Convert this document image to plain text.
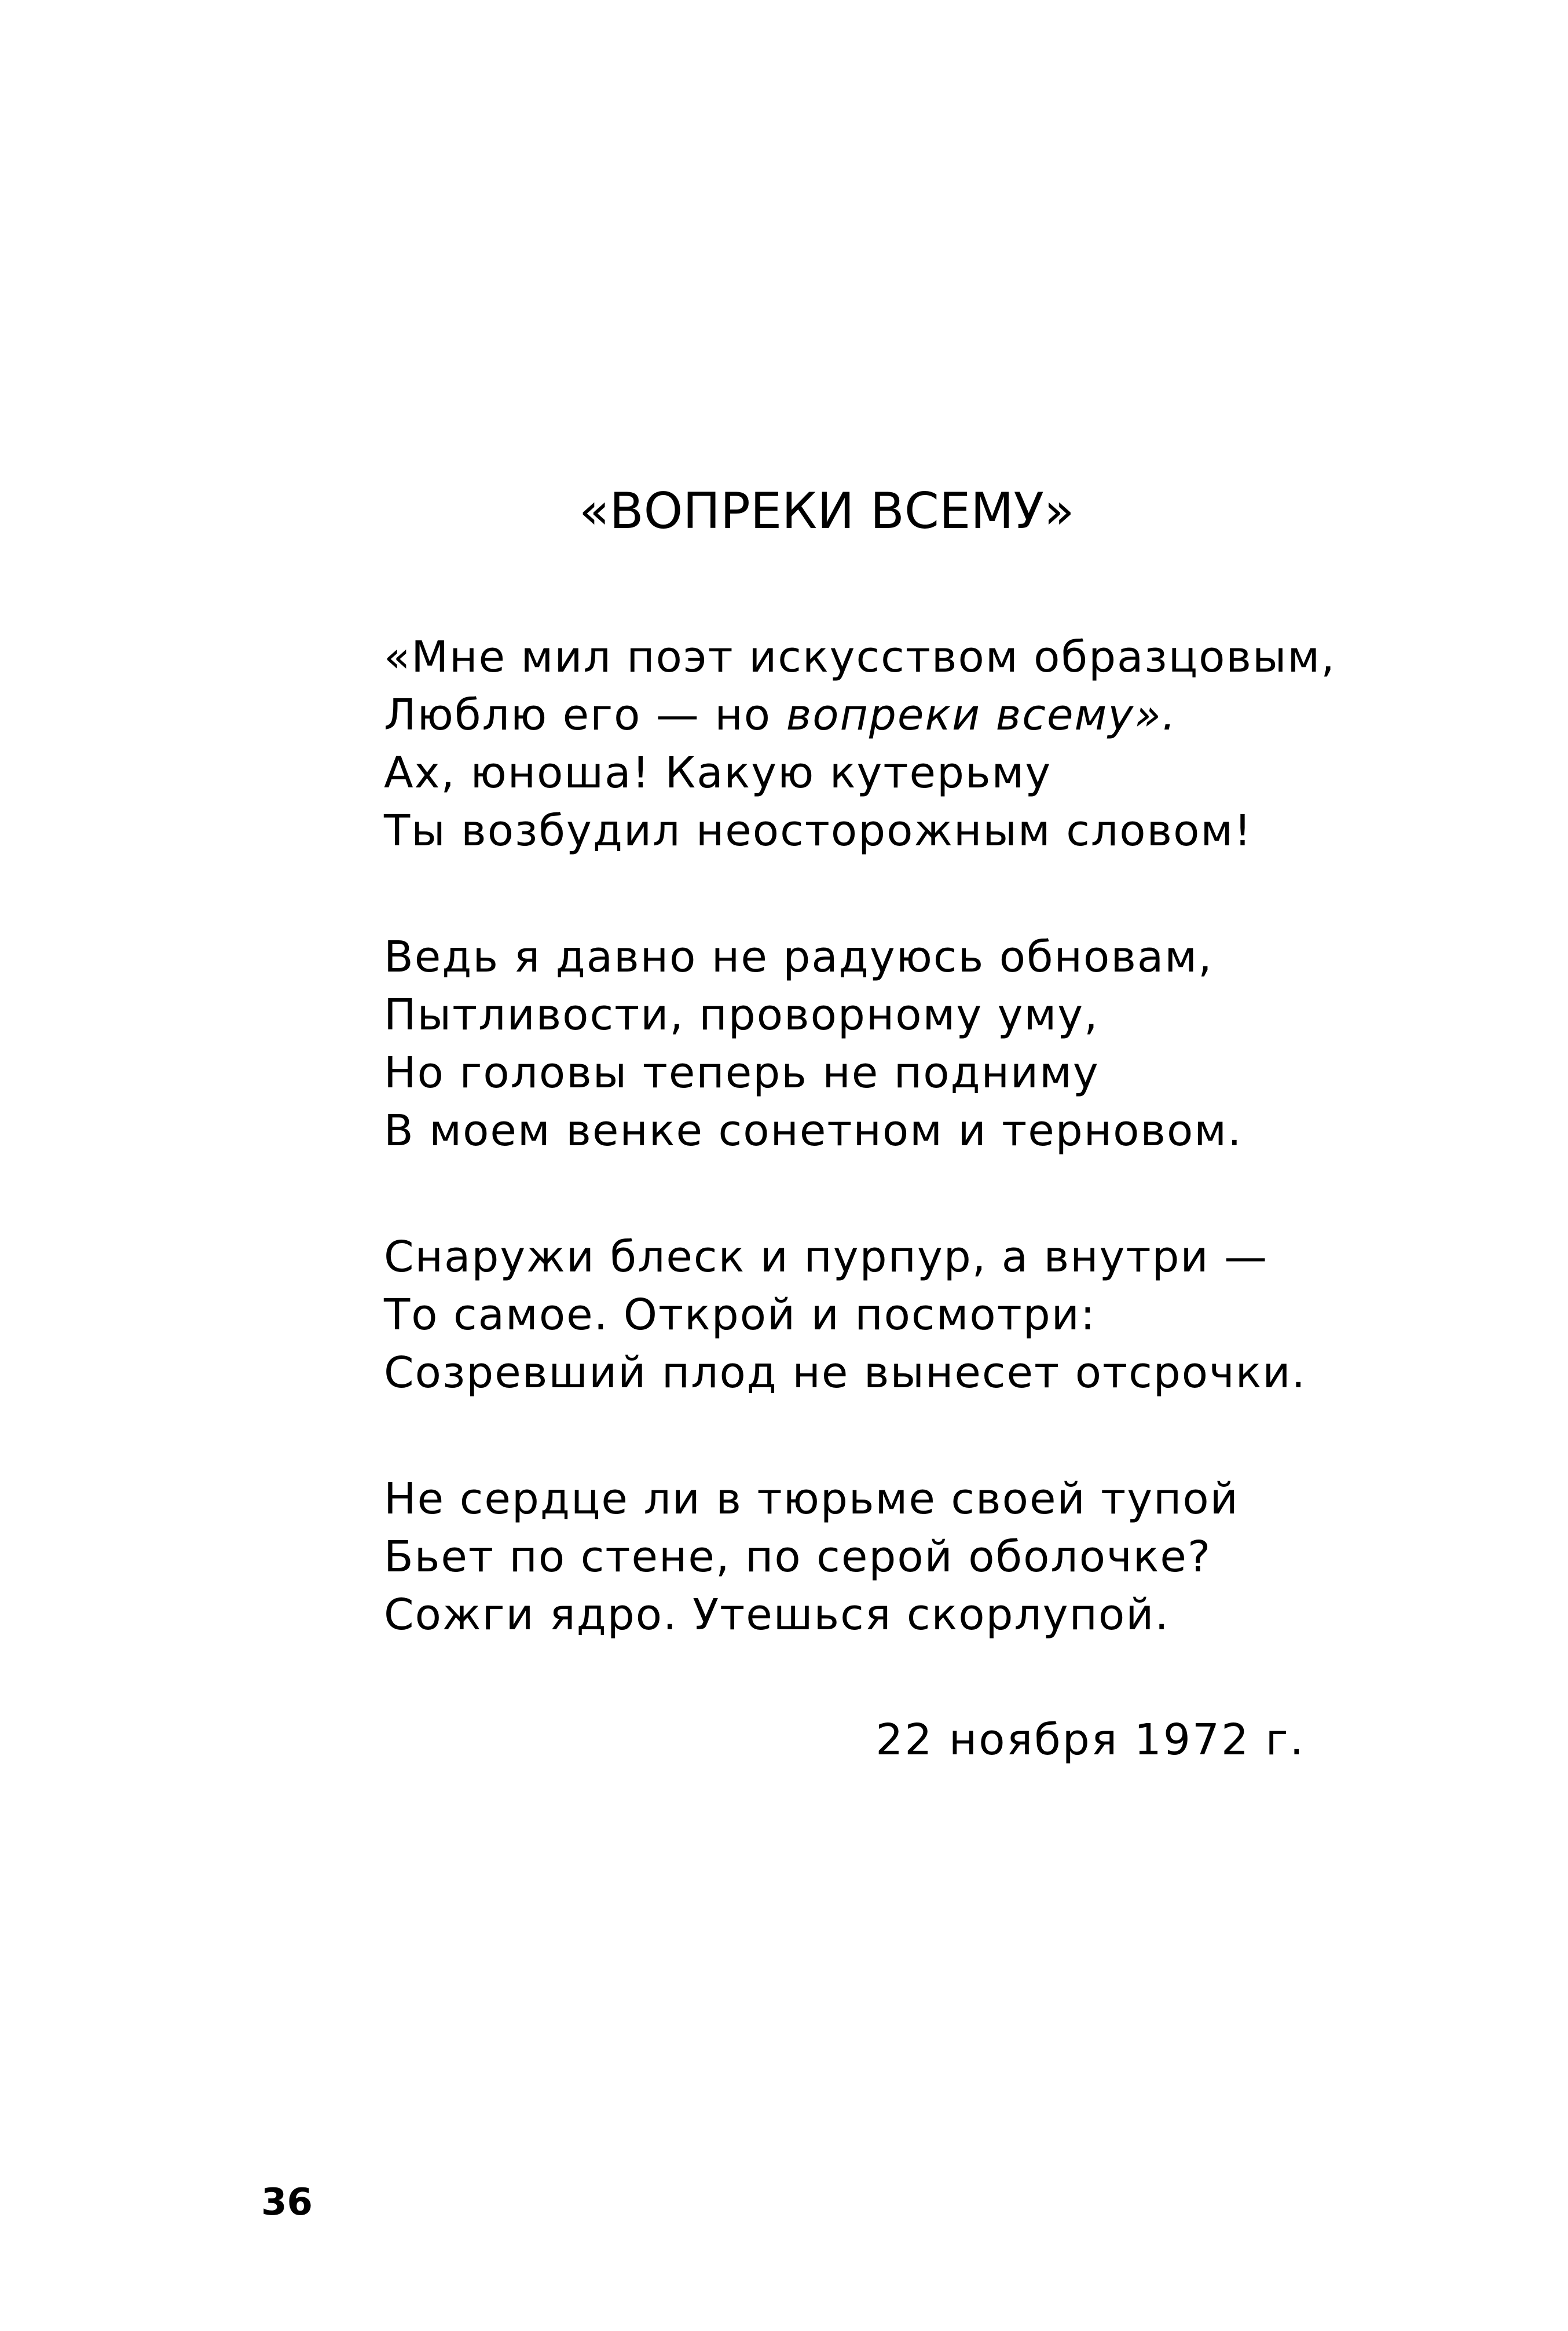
«ВОПРЕКИ ВСЕМУ»
«Мне мил поэт искусством образцовым,
Люблю его — но вопреки всему».
Ах, юноша! Какую кутерьму
Ты возбудил неосторожным словом!
Ведь я давно не радуюсь обновам,
Пытливости, проворному уму,
Но головы теперь не подниму
В моем венке сонетном и терновом.
Снаружи блеск и пурпур, а внутри —
То самое. Открой и посмотри:
Созревший плод не вынесет отсрочки.
Не сердце ли в тюрьме своей тупой
Бьет по стене, по серой оболочке?
Сожги ядро. Утешься скорлупой.
22 ноября 1972 г.
36
